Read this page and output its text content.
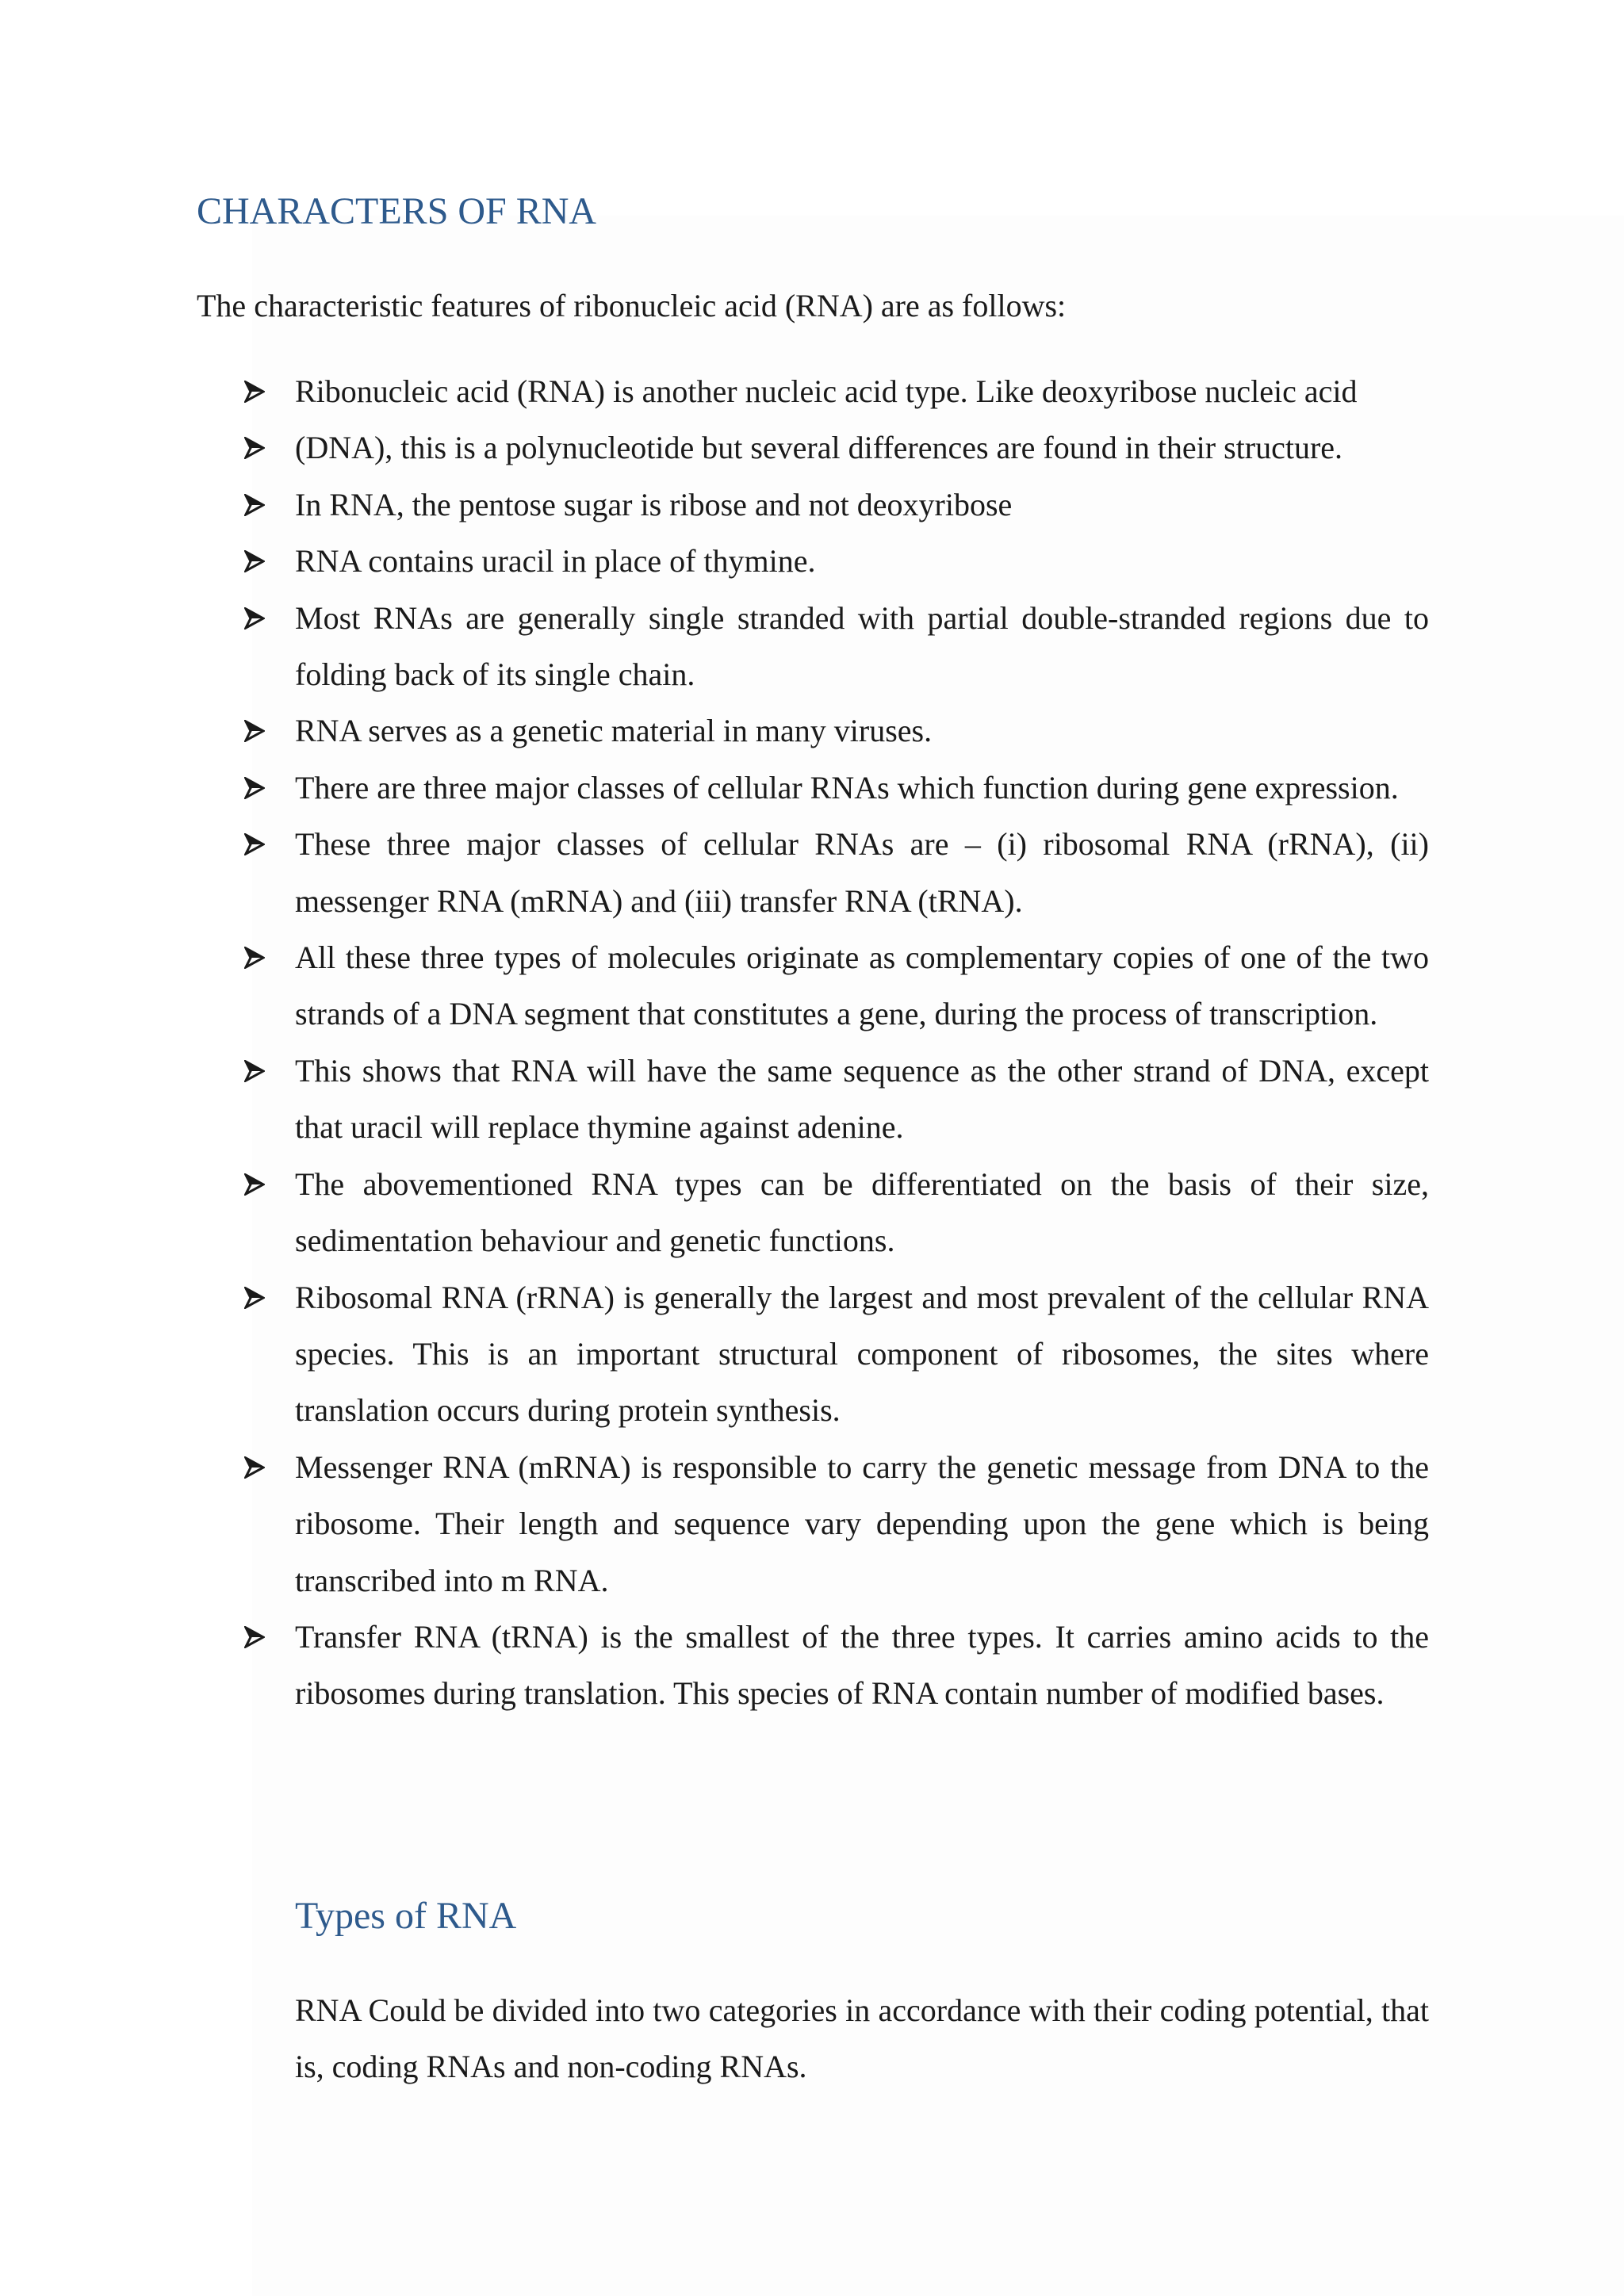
CHARACTERS OF RNA

The characteristic features of ribonucleic acid (RNA) are as follows:

Ribonucleic acid (RNA) is another nucleic acid type. Like deoxyribose nucleic acid
(DNA), this is a polynucleotide but several differences are found in their structure.
In RNA, the pentose sugar is ribose and not deoxyribose
RNA contains uracil in place of thymine.
Most RNAs are generally single stranded with partial double-stranded regions due to folding back of its single chain.
RNA serves as a genetic material in many viruses.
There are three major classes of cellular RNAs which function during gene expression.
These three major classes of cellular RNAs are – (i) ribosomal RNA (rRNA), (ii) messenger RNA (mRNA) and (iii) transfer RNA (tRNA).
All these three types of molecules originate as complementary copies of one of the two strands of a DNA segment that constitutes a gene, during the process of transcription.
This shows that RNA will have the same sequence as the other strand of DNA, except that uracil will replace thymine against adenine.
The abovementioned RNA types can be differentiated on the basis of their size, sedimentation behaviour and genetic functions.
Ribosomal RNA (rRNA) is generally the largest and most prevalent of the cellular RNA species. This is an important structural component of ribosomes, the sites where translation occurs during protein synthesis.
Messenger RNA (mRNA) is responsible to carry the genetic message from DNA to the ribosome. Their length and sequence vary depending upon the gene which is being transcribed into m RNA.
Transfer RNA (tRNA) is the smallest of the three types. It carries amino acids to the ribosomes during translation. This species of RNA contain number of modified bases.
Types of RNA

RNA Could be divided into two categories in accordance with their coding potential, that is, coding RNAs and non-coding RNAs.
